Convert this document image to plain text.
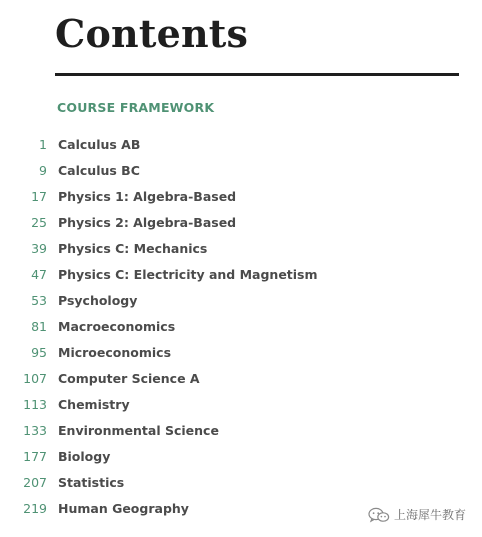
Contents
COURSE FRAMEWORK
1 Calculus AB
9 Calculus BC
17 Physics 1: Algebra-Based
25 Physics 2: Algebra-Based
39 Physics C: Mechanics
47 Physics C: Electricity and Magnetism
53 Psychology
81 Macroeconomics
95 Microeconomics
107 Computer Science A
113 Chemistry
133 Environmental Science
177 Biology
207 Statistics
219 Human Geography	上海犀牛教育
